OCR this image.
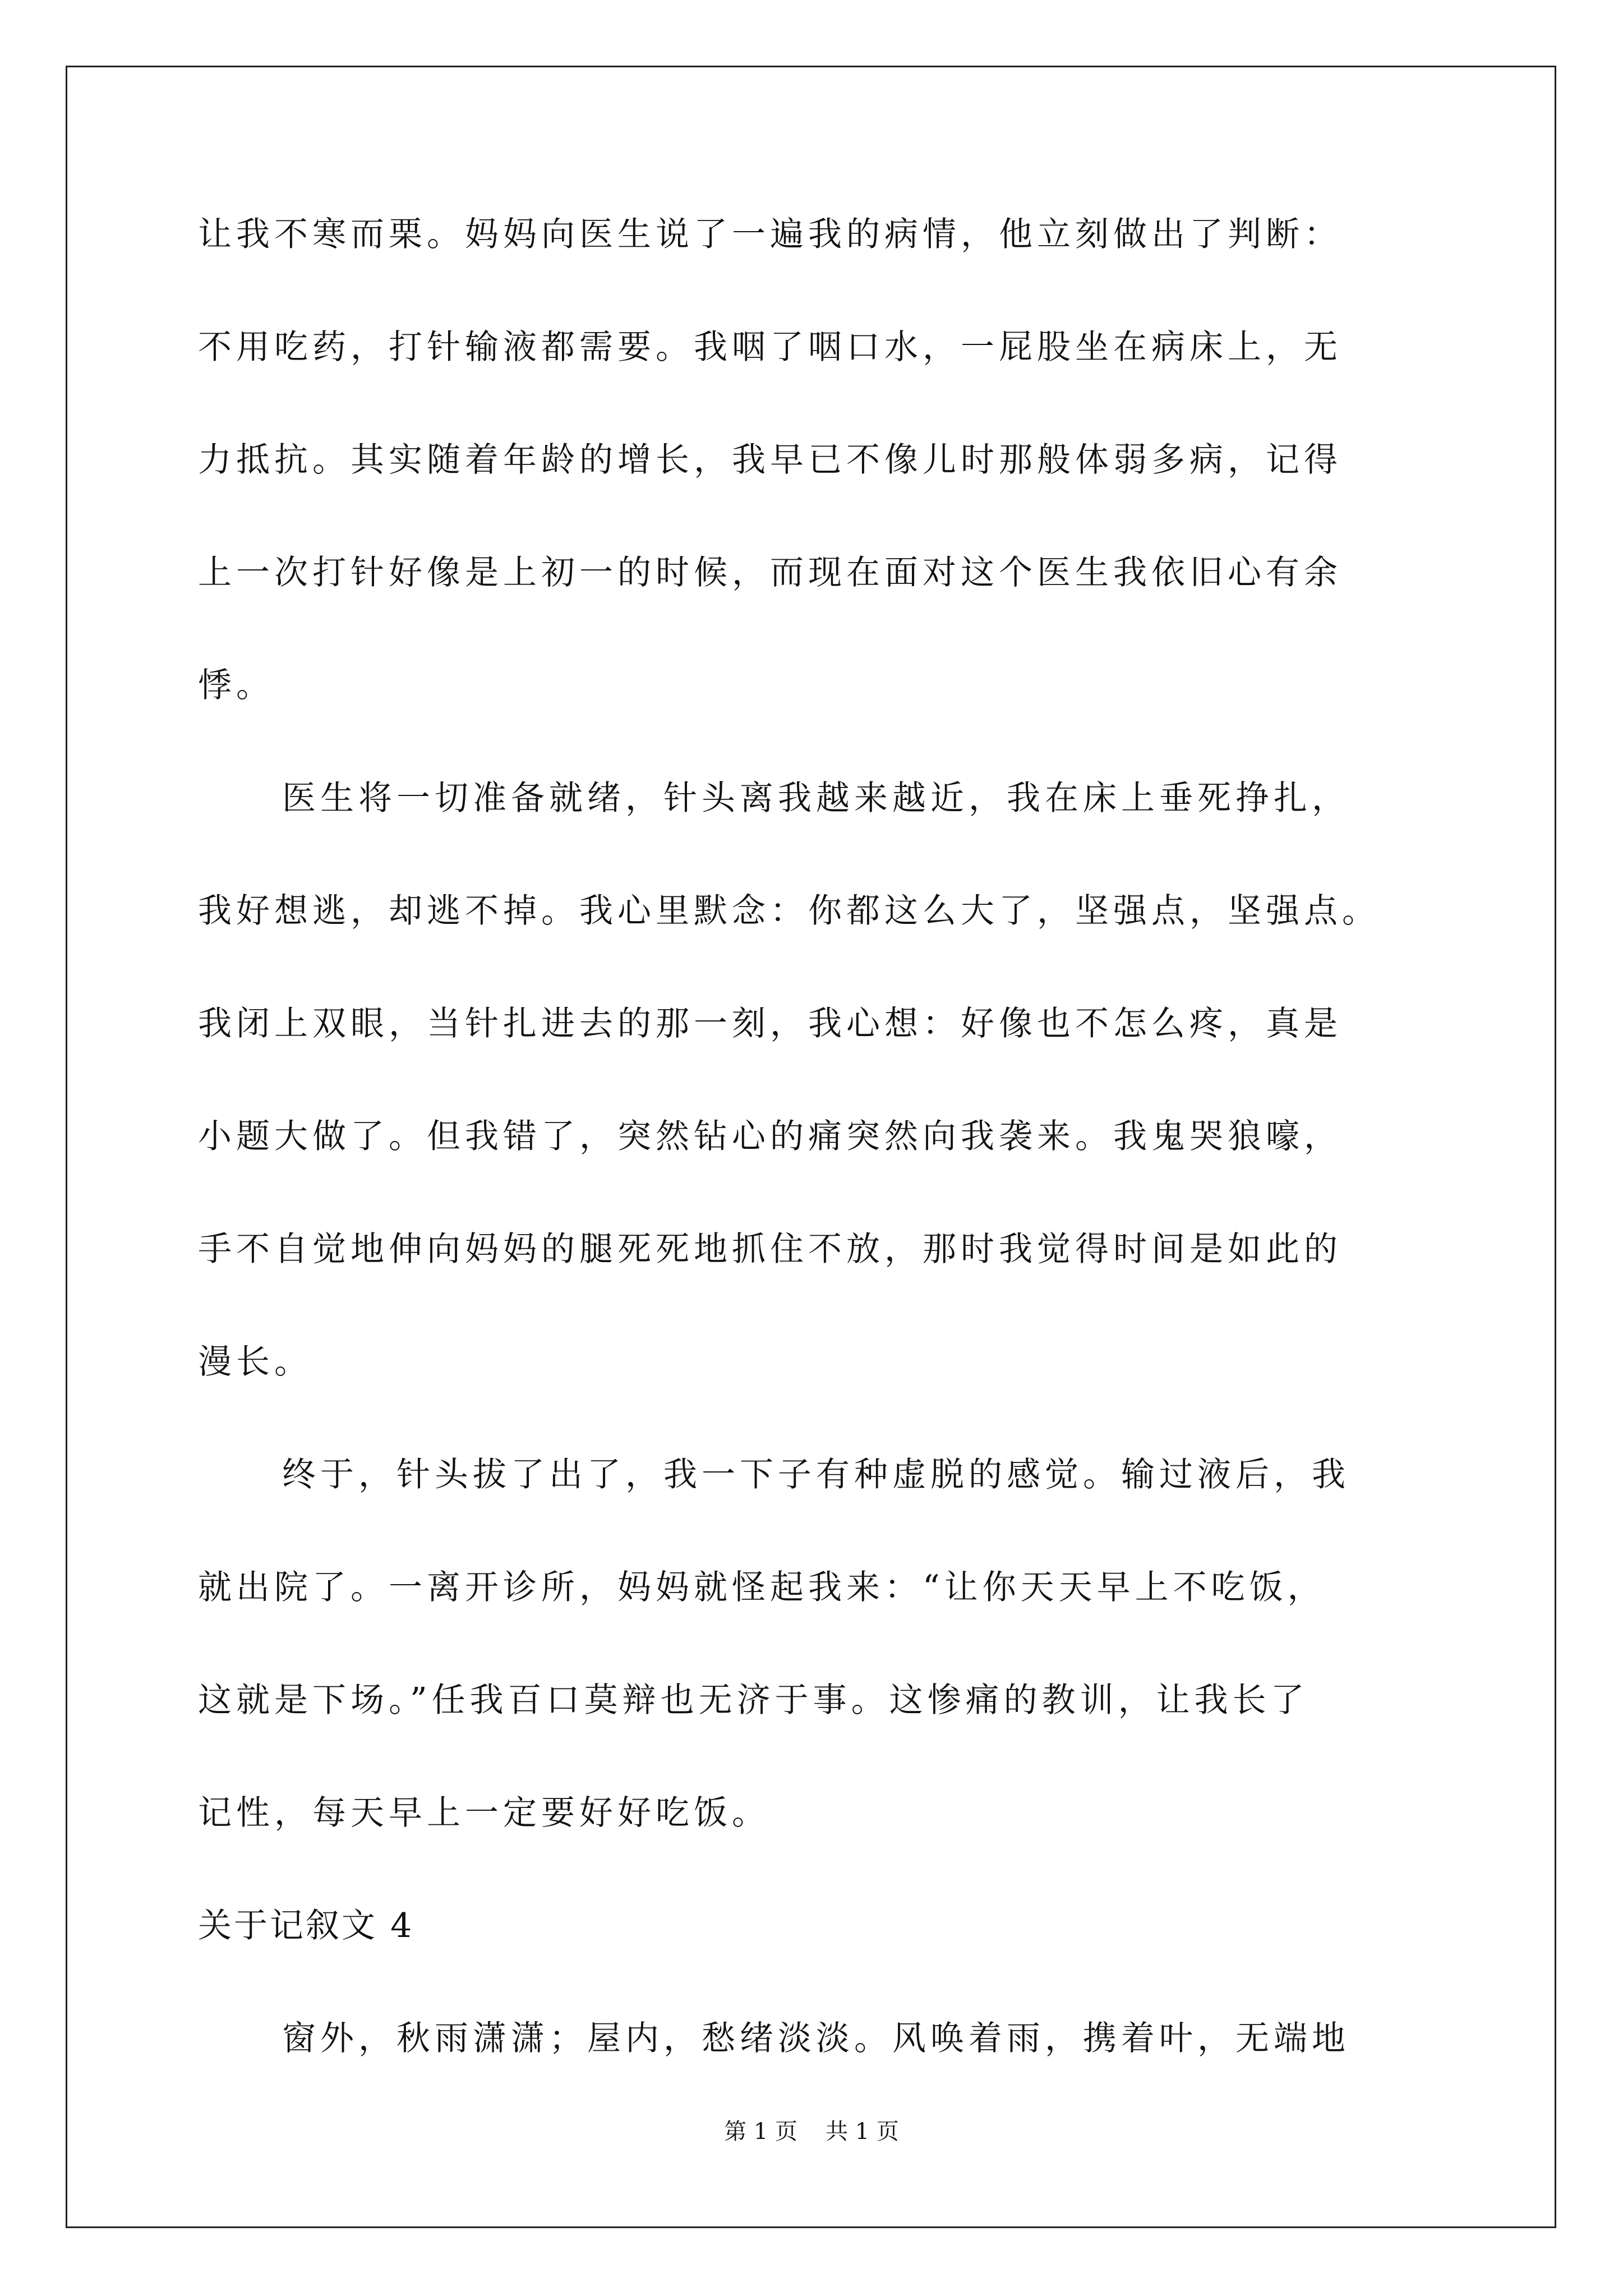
让我不寒而栗。妈妈向医生说了一遍我的病情，他立刻做出了判断：
不用吃药，打针输液都需要。我咽了咽口水，一屁股坐在病床上，无
力抵抗。其实随着年龄的增长，我早已不像儿时那般体弱多病，记得
上一次打针好像是上初一的时候，而现在面对这个医生我依旧心有余
悸。
医生将一切准备就绪，针头离我越来越近，我在床上垂死挣扎，
我好想逃，却逃不掉。我心里默念：你都这么大了，坚强点，坚强点。
我闭上双眼，当针扎进去的那一刻，我心想：好像也不怎么疼，真是
小题大做了。但我错了，突然钻心的痛突然向我袭来。我鬼哭狼嚎，
手不自觉地伸向妈妈的腿死死地抓住不放，那时我觉得时间是如此的
漫长。
终于，针头拔了出了，我一下子有种虚脱的感觉。输过液后，我
就出院了。一离开诊所，妈妈就怪起我来：“让你天天早上不吃饭，
这就是下场。”任我百口莫辩也无济于事。这惨痛的教训，让我长了
记性，每天早上一定要好好吃饭。
关于记叙文 4
窗外，秋雨潇潇；屋内，愁绪淡淡。风唤着雨，携着叶，无端地
第 1 页 共 1 页
